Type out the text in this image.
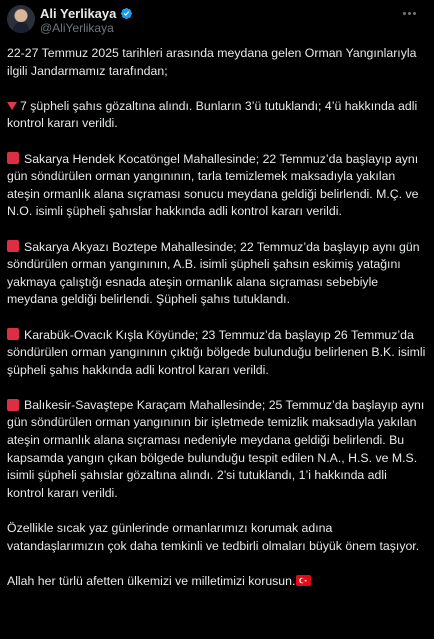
Ali Yerlikaya
@AliYerlikaya

22-27 Temmuz 2025 tarihleri arasında meydana gelen Orman Yangınlarıyla ilgili Jandarmamız tarafından;

7 şüpheli şahıs gözaltına alındı. Bunların 3’ü tutuklandı; 4’ü hakkında adli kontrol kararı verildi.

Sakarya Hendek Kocatöngel Mahallesinde; 22 Temmuz’da başlayıp aynı gün söndürülen orman yangınının, tarla temizlemek maksadıyla yakılan ateşin ormanlık alana sıçraması sonucu meydana geldiği belirlendi. M.Ç. ve N.O. isimli şüpheli şahıslar hakkında adli kontrol kararı verildi.

Sakarya Akyazı Boztepe Mahallesinde; 22 Temmuz’da başlayıp aynı gün söndürülen orman yangınının, A.B. isimli şüpheli şahsın eskimiş yatağını yakmaya çalıştığı esnada ateşin ormanlık alana sıçraması sebebiyle meydana geldiği belirlendi. Şüpheli şahıs tutuklandı.

Karabük-Ovacık Kışla Köyünde; 23 Temmuz’da başlayıp 26 Temmuz’da söndürülen orman yangınının çıktığı bölgede bulunduğu belirlenen B.K. isimli şüpheli şahıs hakkında adli kontrol kararı verildi.

Balıkesir-Savaştepe Karaçam Mahallesinde; 25 Temmuz’da başlayıp aynı gün söndürülen orman yangınının bir işletmede temizlik maksadıyla yakılan ateşin ormanlık alana sıçraması nedeniyle meydana geldiği belirlendi. Bu kapsamda yangın çıkan bölgede bulunduğu tespit edilen N.A., H.S. ve M.S. isimli şüpheli şahıslar gözaltına alındı. 2’si tutuklandı, 1’i hakkında adli kontrol kararı verildi.

Özellikle sıcak yaz günlerinde ormanlarımızı korumak adına vatandaşlarımızın çok daha temkinli ve tedbirli olmaları büyük önem taşıyor.

Allah her türlü afetten ülkemizi ve milletimizi korusun.
